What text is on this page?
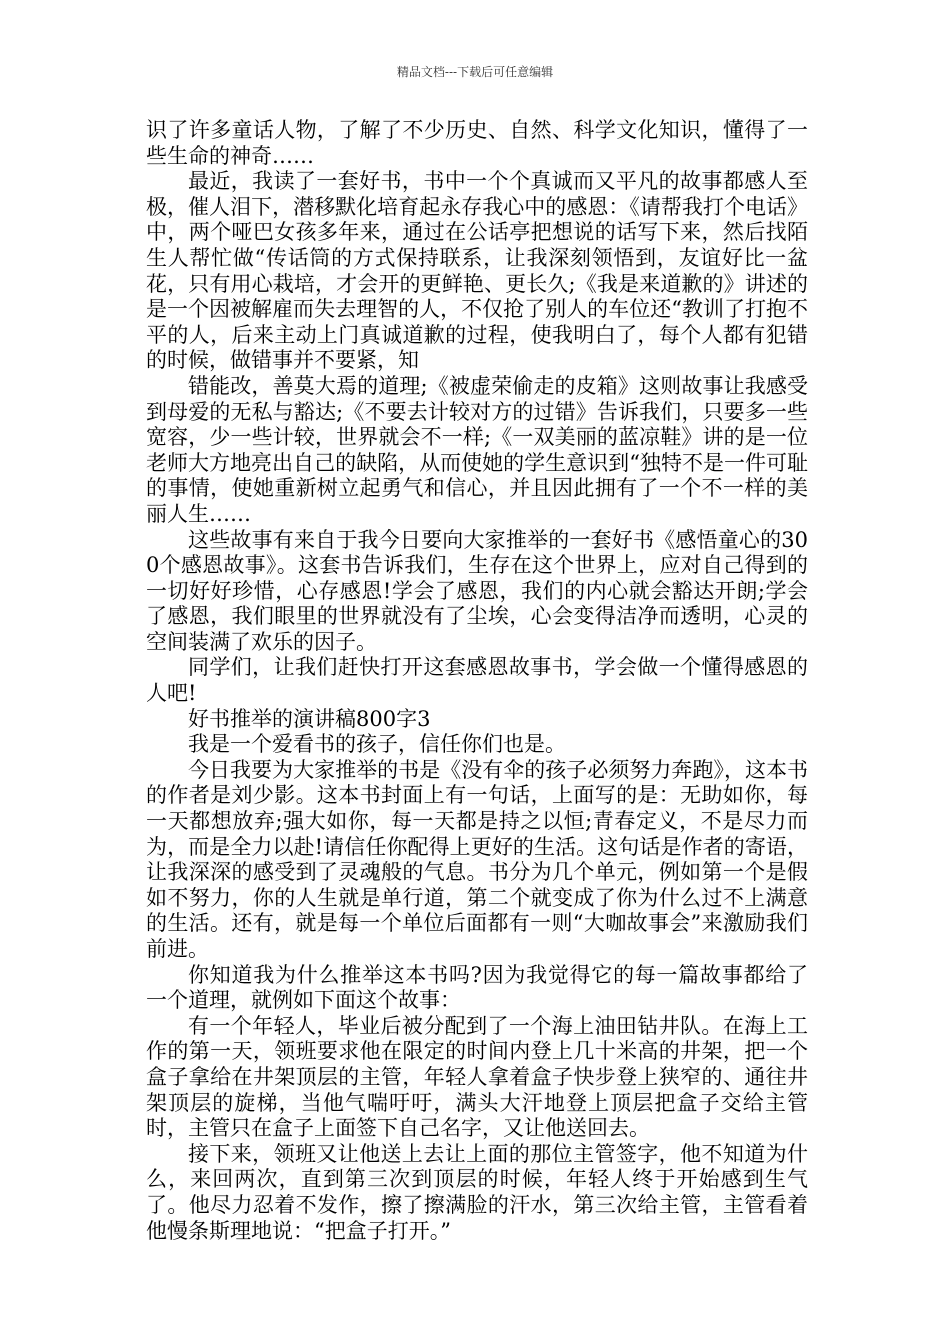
精品文档---下载后可任意编辑

识了许多童话人物，了解了不少历史、自然、科学文化知识，懂得了一些生命的神奇……

最近，我读了一套好书，书中一个个真诚而又平凡的故事都感人至极，催人泪下，潜移默化培育起永存我心中的感恩：《请帮我打个电话》中，两个哑巴女孩多年来，通过在公话亭把想说的话写下来，然后找陌生人帮忙做“传话筒的方式保持联系，让我深刻领悟到，友谊好比一盆花，只有用心栽培，才会开的更鲜艳、更长久;《我是来道歉的》讲述的是一个因被解雇而失去理智的人，不仅抢了别人的车位还“教训了打抱不平的人，后来主动上门真诚道歉的过程，使我明白了，每个人都有犯错的时候，做错事并不要紧，知

错能改，善莫大焉的道理;《被虚荣偷走的皮箱》这则故事让我感受到母爱的无私与豁达;《不要去计较对方的过错》告诉我们，只要多一些宽容，少一些计较，世界就会不一样;《一双美丽的蓝凉鞋》讲的是一位老师大方地亮出自己的缺陷，从而使她的学生意识到“独特不是一件可耻的事情，使她重新树立起勇气和信心，并且因此拥有了一个不一样的美丽人生……

这些故事有来自于我今日要向大家推举的一套好书《感悟童心的300个感恩故事》。这套书告诉我们，生存在这个世界上，应对自己得到的一切好好珍惜，心存感恩!学会了感恩，我们的内心就会豁达开朗;学会了感恩，我们眼里的世界就没有了尘埃，心会变得洁净而透明，心灵的空间装满了欢乐的因子。

同学们，让我们赶快打开这套感恩故事书，学会做一个懂得感恩的人吧!

好书推举的演讲稿800字3

我是一个爱看书的孩子，信任你们也是。

今日我要为大家推举的书是《没有伞的孩子必须努力奔跑》，这本书的作者是刘少影。这本书封面上有一句话，上面写的是：无助如你，每一天都想放弃;强大如你，每一天都是持之以恒;青春定义，不是尽力而为，而是全力以赴!请信任你配得上更好的生活。这句话是作者的寄语，让我深深的感受到了灵魂般的气息。书分为几个单元，例如第一个是假如不努力，你的人生就是单行道，第二个就变成了你为什么过不上满意的生活。还有，就是每一个单位后面都有一则“大咖故事会”来激励我们前进。

你知道我为什么推举这本书吗?因为我觉得它的每一篇故事都给了一个道理，就例如下面这个故事：

有一个年轻人，毕业后被分配到了一个海上油田钻井队。在海上工作的第一天，领班要求他在限定的时间内登上几十米高的井架，把一个盒子拿给在井架顶层的主管，年轻人拿着盒子快步登上狭窄的、通往井架顶层的旋梯，当他气喘吁吁，满头大汗地登上顶层把盒子交给主管时，主管只在盒子上面签下自己名字，又让他送回去。

接下来，领班又让他送上去让上面的那位主管签字，他不知道为什么，来回两次，直到第三次到顶层的时候，年轻人终于开始感到生气了。他尽力忍着不发作，擦了擦满脸的汗水，第三次给主管，主管看着他慢条斯理地说：“把盒子打开。”
